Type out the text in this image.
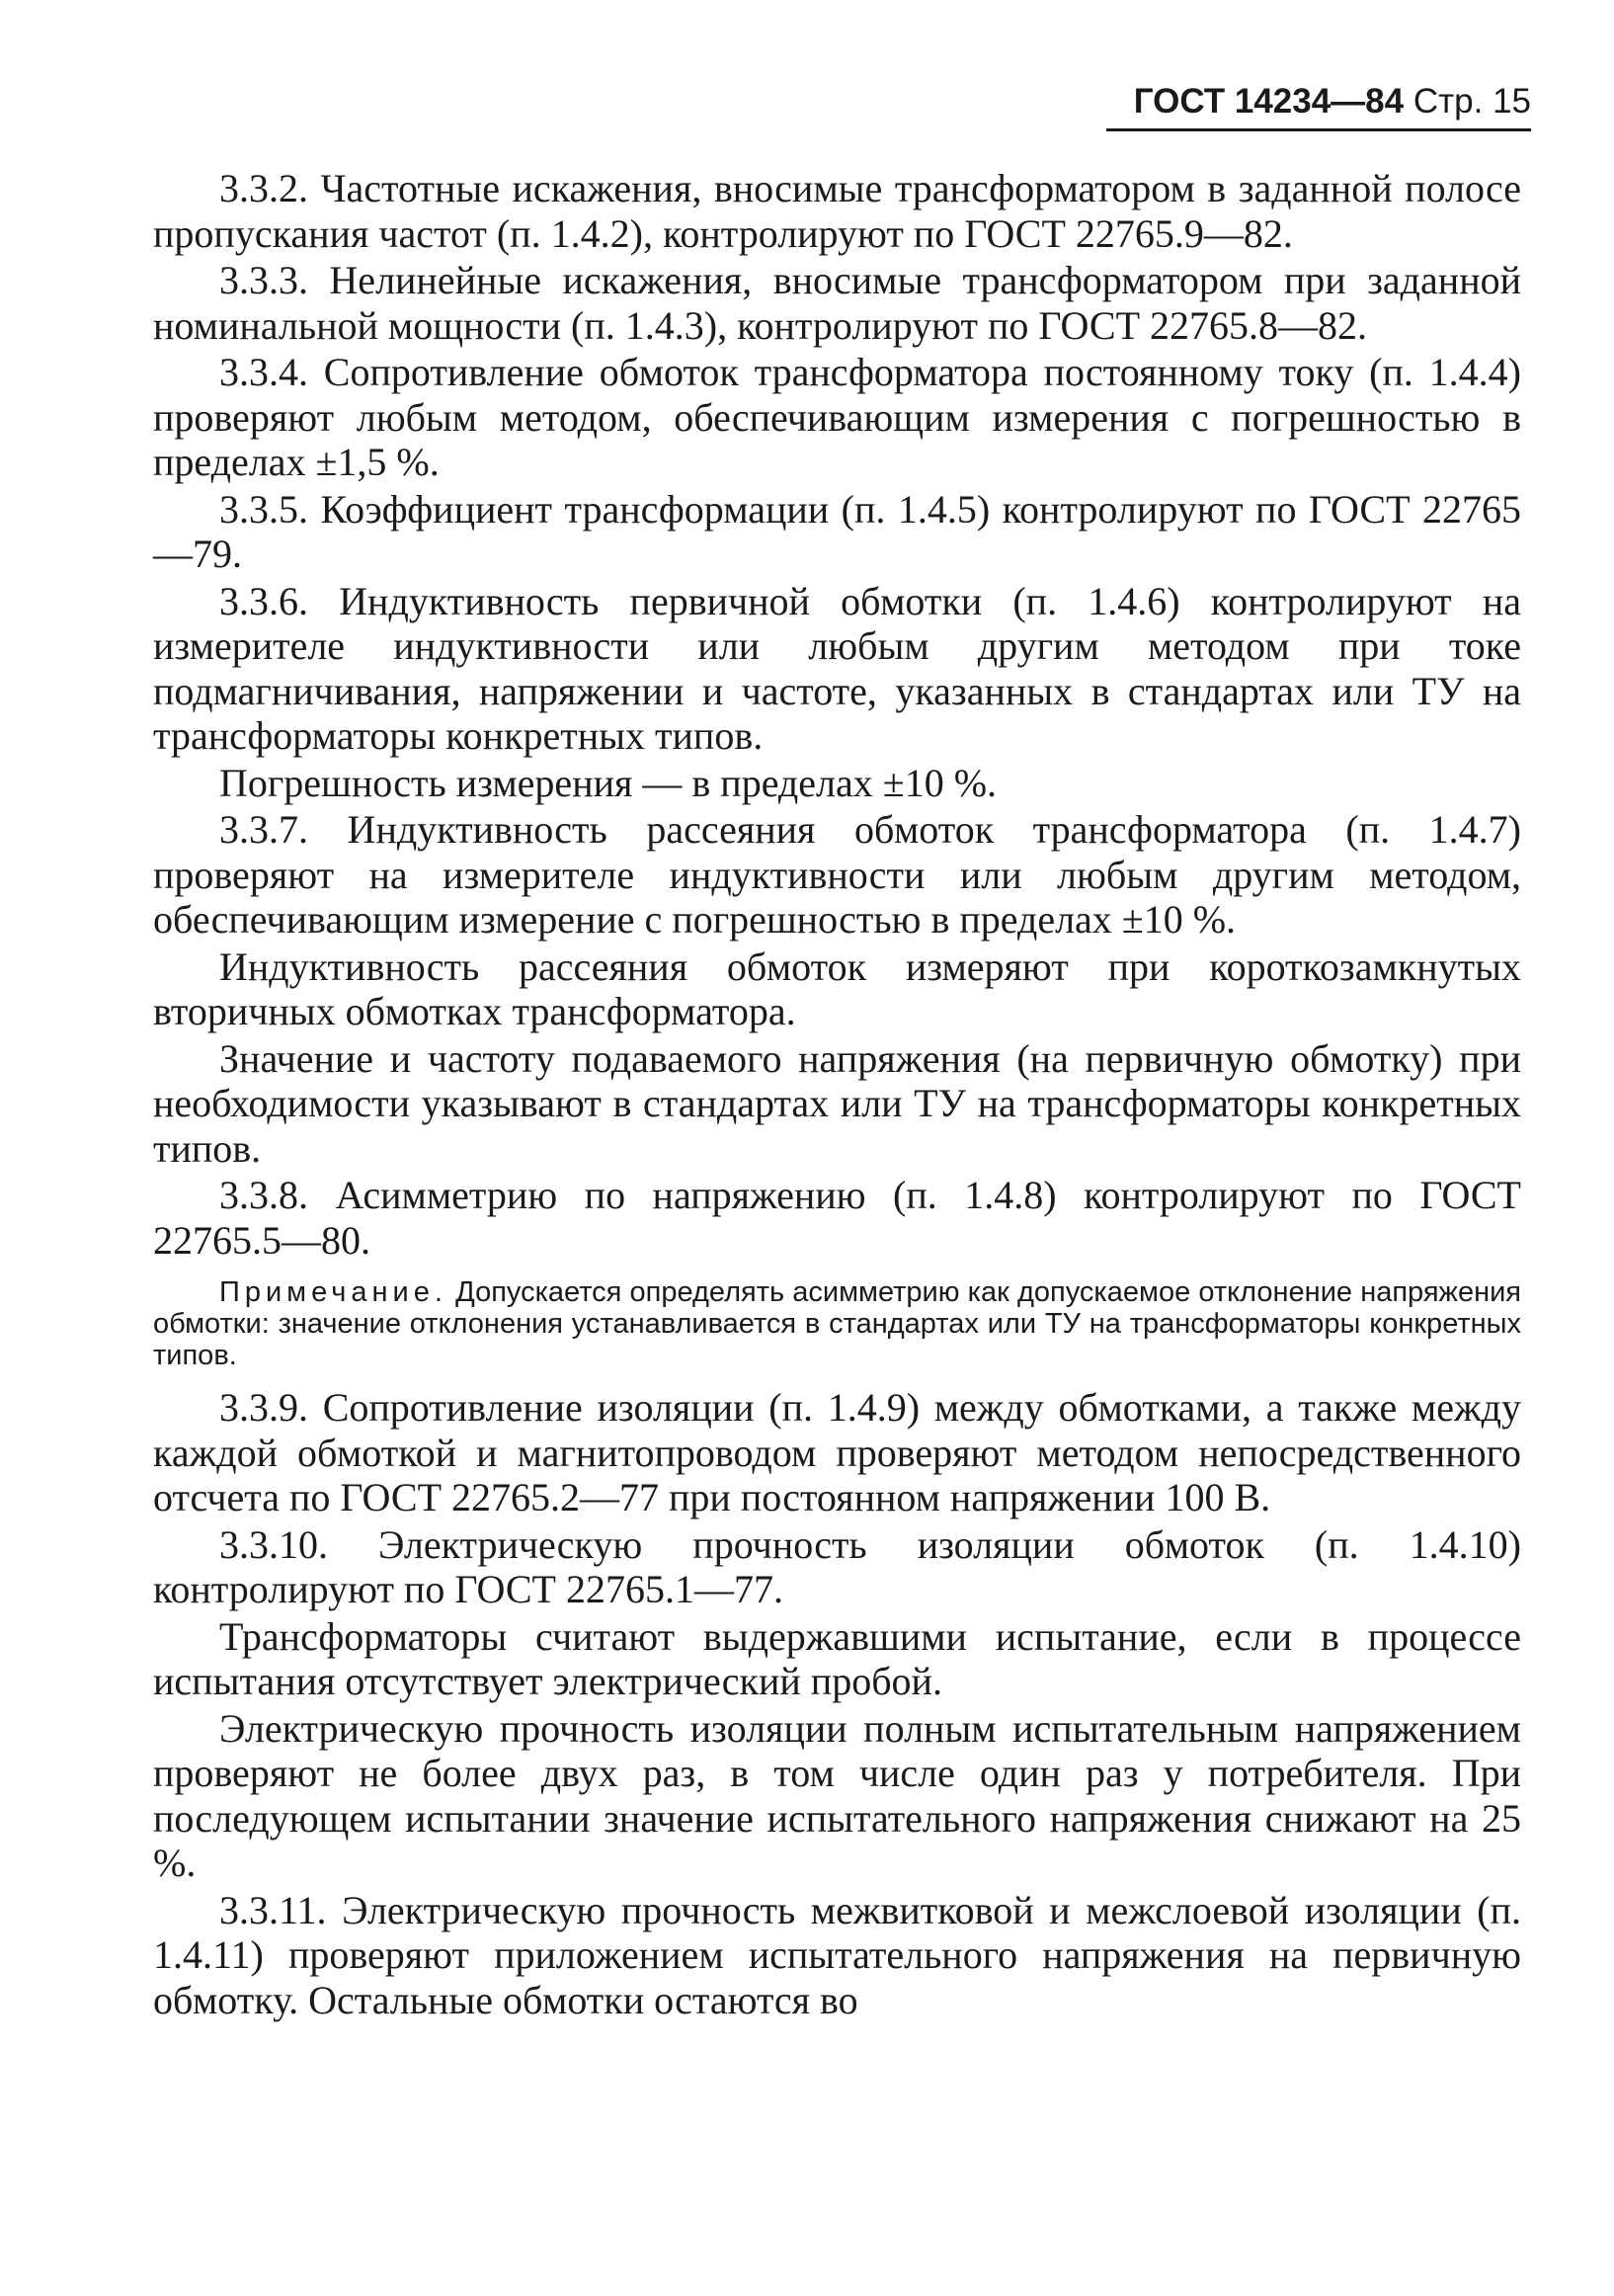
ГОСТ 14234—84 Стр. 15

3.3.2. Частотные искажения, вносимые трансформатором в заданной полосе пропускания частот (п. 1.4.2), контролируют по ГОСТ 22765.9—82.

3.3.3. Нелинейные искажения, вносимые трансформатором при заданной номинальной мощности (п. 1.4.3), контролируют по ГОСТ 22765.8—82.

3.3.4. Сопротивление обмоток трансформатора постоянному току (п. 1.4.4) проверяют любым методом, обеспечивающим измерения с погрешностью в пределах ±1,5 %.

3.3.5. Коэффициент трансформации (п. 1.4.5) контролируют по ГОСТ 22765—79.

3.3.6. Индуктивность первичной обмотки (п. 1.4.6) контролируют на измерителе индуктивности или любым другим методом при токе подмагничивания, напряжении и частоте, указанных в стандартах или ТУ на трансформаторы конкретных типов.

Погрешность измерения — в пределах ±10 %.

3.3.7. Индуктивность рассеяния обмоток трансформатора (п. 1.4.7) проверяют на измерителе индуктивности или любым другим методом, обеспечивающим измерение с погрешностью в пределах ±10 %.

Индуктивность рассеяния обмоток измеряют при короткозамкнутых вторичных обмотках трансформатора.

Значение и частоту подаваемого напряжения (на первичную обмотку) при необходимости указывают в стандартах или ТУ на трансформаторы конкретных типов.

3.3.8. Асимметрию по напряжению (п. 1.4.8) контролируют по ГОСТ 22765.5—80.

Примечание. Допускается определять асимметрию как допускаемое отклонение напряжения обмотки: значение отклонения устанавливается в стандартах или ТУ на трансформаторы конкретных типов.

3.3.9. Сопротивление изоляции (п. 1.4.9) между обмотками, а также между каждой обмоткой и магнитопроводом проверяют методом непосредственного отсчета по ГОСТ 22765.2—77 при постоянном напряжении 100 В.

3.3.10. Электрическую прочность изоляции обмоток (п. 1.4.10) контролируют по ГОСТ 22765.1—77.

Трансформаторы считают выдержавшими испытание, если в процессе испытания отсутствует электрический пробой.

Электрическую прочность изоляции полным испытательным напряжением проверяют не более двух раз, в том числе один раз у потребителя. При последующем испытании значение испытательного напряжения снижают на 25 %.

3.3.11. Электрическую прочность межвитковой и межслоевой изоляции (п. 1.4.11) проверяют приложением испытательного напряжения на первичную обмотку. Остальные обмотки остаются во
